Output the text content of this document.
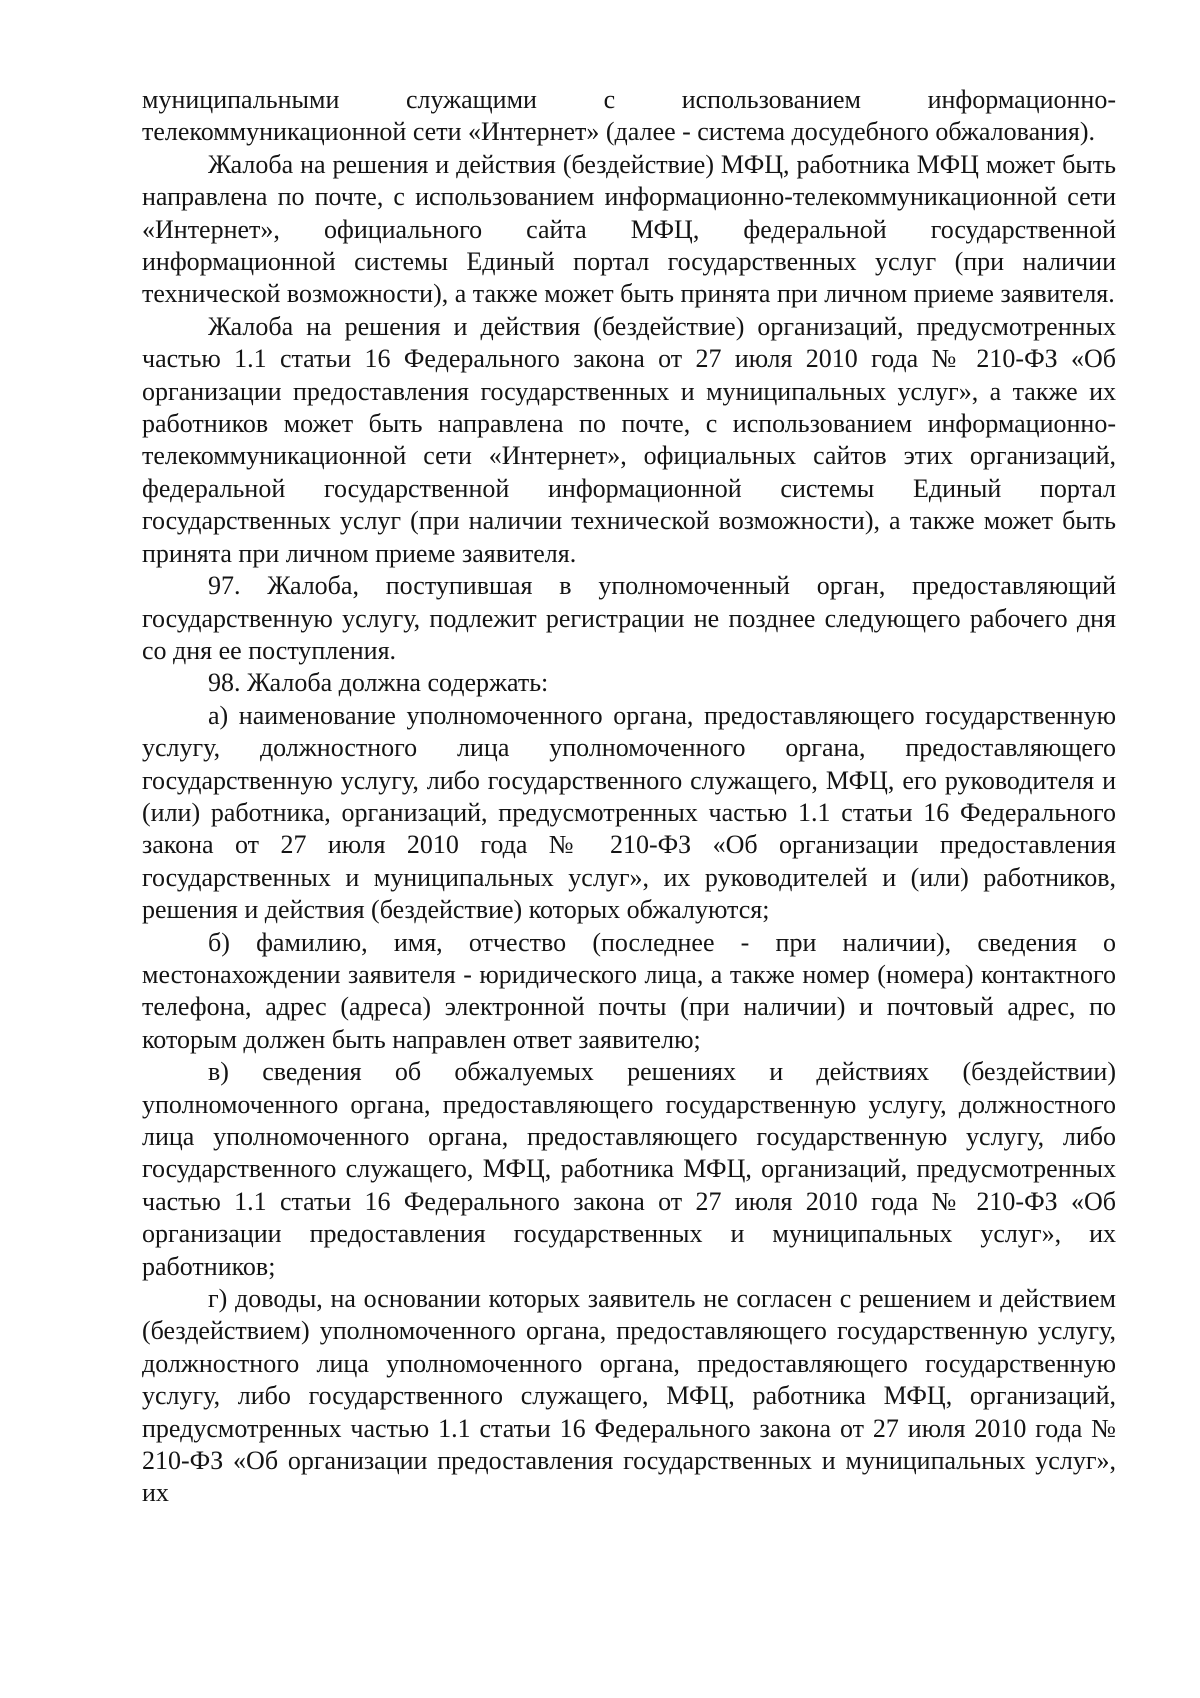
муниципальными служащими с использованием информационно-телекоммуникационной сети «Интернет» (далее - система досудебного обжалования).

Жалоба на решения и действия (бездействие) МФЦ, работника МФЦ может быть направлена по почте, с использованием информационно-телекоммуникационной сети «Интернет», официального сайта МФЦ, федеральной государственной информационной системы Единый портал государственных услуг (при наличии технической возможности), а также может быть принята при личном приеме заявителя.

Жалоба на решения и действия (бездействие) организаций, предусмотренных частью 1.1 статьи 16 Федерального закона от 27 июля 2010 года № 210-ФЗ «Об организации предоставления государственных и муниципальных услуг», а также их работников может быть направлена по почте, с использованием информационно-телекоммуникационной сети «Интернет», официальных сайтов этих организаций, федеральной государственной информационной системы Единый портал государственных услуг (при наличии технической возможности), а также может быть принята при личном приеме заявителя.

97. Жалоба, поступившая в уполномоченный орган, предоставляющий государственную услугу, подлежит регистрации не позднее следующего рабочего дня со дня ее поступления.

98. Жалоба должна содержать:

а) наименование уполномоченного органа, предоставляющего государственную услугу, должностного лица уполномоченного органа, предоставляющего государственную услугу, либо государственного служащего, МФЦ, его руководителя и (или) работника, организаций, предусмотренных частью 1.1 статьи 16 Федерального закона от 27 июля 2010 года № 210-ФЗ «Об организации предоставления государственных и муниципальных услуг», их руководителей и (или) работников, решения и действия (бездействие) которых обжалуются;

б) фамилию, имя, отчество (последнее - при наличии), сведения о местонахождении заявителя - юридического лица, а также номер (номера) контактного телефона, адрес (адреса) электронной почты (при наличии) и почтовый адрес, по которым должен быть направлен ответ заявителю;

в) сведения об обжалуемых решениях и действиях (бездействии) уполномоченного органа, предоставляющего государственную услугу, должностного лица уполномоченного органа, предоставляющего государственную услугу, либо государственного служащего, МФЦ, работника МФЦ, организаций, предусмотренных частью 1.1 статьи 16 Федерального закона от 27 июля 2010 года № 210-ФЗ «Об организации предоставления государственных и муниципальных услуг», их работников;

г) доводы, на основании которых заявитель не согласен с решением и действием (бездействием) уполномоченного органа, предоставляющего государственную услугу, должностного лица уполномоченного органа, предоставляющего государственную услугу, либо государственного служащего, МФЦ, работника МФЦ, организаций, предусмотренных частью 1.1 статьи 16 Федерального закона от 27 июля 2010 года № 210-ФЗ «Об организации предоставления государственных и муниципальных услуг», их
